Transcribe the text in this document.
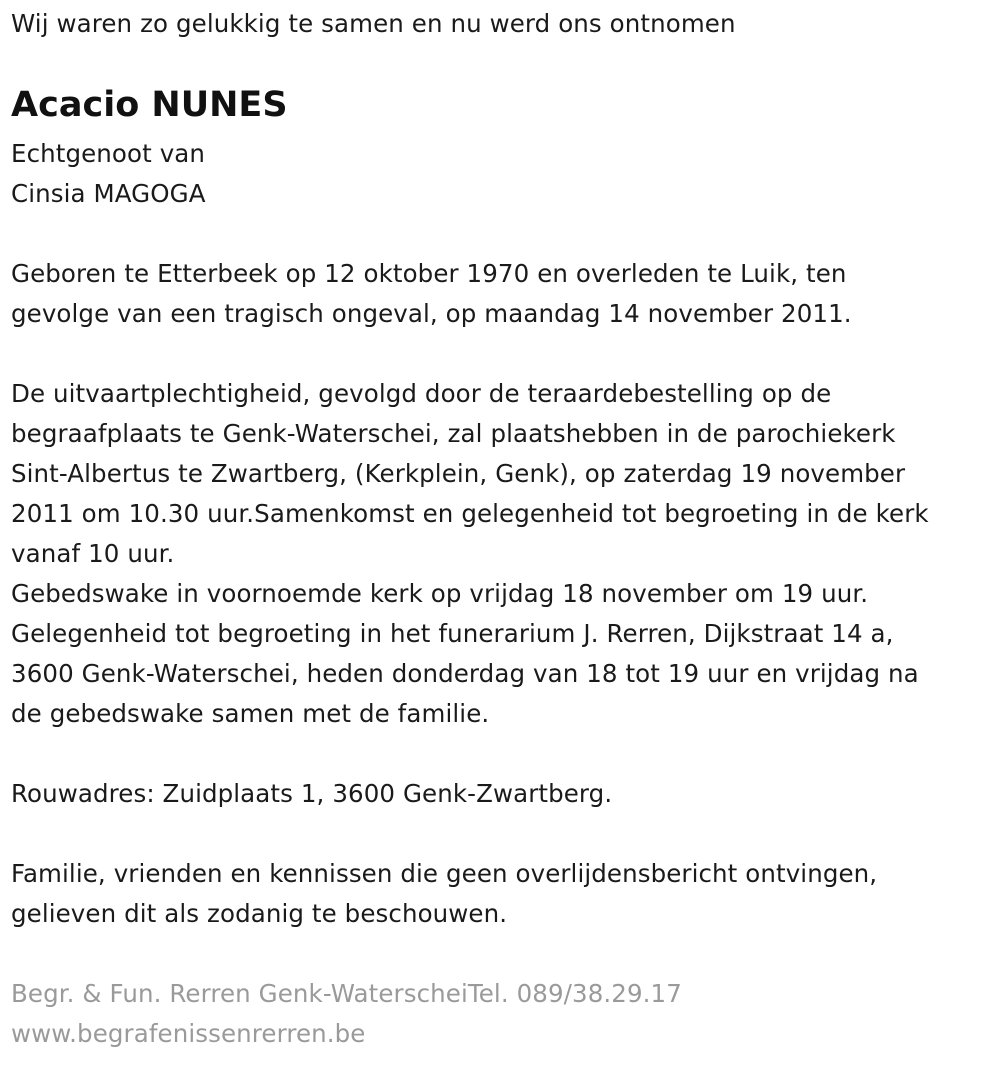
Wij waren zo gelukkig te samen en nu werd ons ontnomen
Acacio NUNES
Echtgenoot van
Cinsia MAGOGA
Geboren te Etterbeek op 12 oktober 1970 en overleden te Luik, ten
gevolge van een tragisch ongeval, op maandag 14 november 2011.
De uitvaartplechtigheid, gevolgd door de teraardebestelling op de
begraafplaats te Genk-Waterschei, zal plaatshebben in de parochiekerk
Sint-Albertus te Zwartberg, (Kerkplein, Genk), op zaterdag 19 november
2011 om 10.30 uur.Samenkomst en gelegenheid tot begroeting in de kerk
vanaf 10 uur.
Gebedswake in voornoemde kerk op vrijdag 18 november om 19 uur.
Gelegenheid tot begroeting in het funerarium J. Rerren, Dijkstraat 14 a,
3600 Genk-Waterschei, heden donderdag van 18 tot 19 uur en vrijdag na
de gebedswake samen met de familie.
Rouwadres: Zuidplaats 1, 3600 Genk-Zwartberg.
Familie, vrienden en kennissen die geen overlijdensbericht ontvingen,
gelieven dit als zodanig te beschouwen.
Begr. & Fun. Rerren Genk-WaterscheiTel. 089/38.29.17
www.begrafenissenrerren.be
